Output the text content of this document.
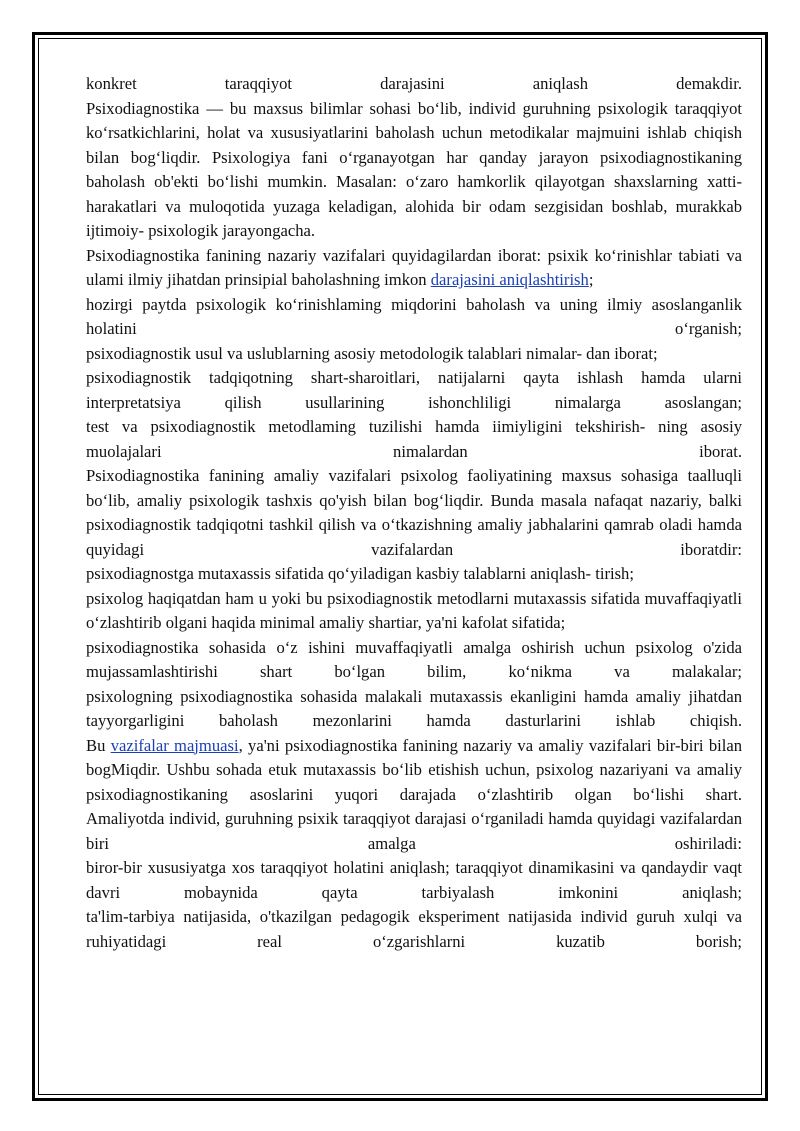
konkret taraqqiyot darajasini aniqlash demakdir.

Psixodiagnostika — bu maxsus bilimlar sohasi bo‘lib, individ guruhning psixologik taraqqiyot ko‘rsatkichlarini, holat va xususiyatlarini baholash uchun metodikalar majmuini ishlab chiqish bilan bog‘liqdir. Psixologiya fani o‘rganayotgan har qanday jarayon psixodiagnostikaning baholash ob'ekti bo‘lishi mumkin. Masalan: o‘zaro hamkorlik qilayotgan shaxslarning xatti-harakatlari va muloqotida yuzaga keladigan, alohida bir odam sezgisidan boshlab, murakkab ijtimoiy- psixologik jarayongacha.

Psixodiagnostika fanining nazariy vazifalari quyidagilardan iborat: psixik ko‘rinishlar tabiati va ulami ilmiy jihatdan prinsipial baholashning imkon darajasini aniqlashtirish;

hozirgi paytda psixologik ko‘rinishlaming miqdorini baholash va uning ilmiy asoslanganlik holatini o‘rganish;

psixodiagnostik usul va uslublarning asosiy metodologik talablari nimalar- dan iborat;

psixodiagnostik tadqiqotning shart-sharoitlari, natijalarni qayta ishlash hamda ularni interpretatsiya qilish usullarining ishonchliligi nimalarga asoslangan;

test va psixodiagnostik metodlaming tuzilishi hamda iimiyligini tekshirish- ning asosiy muolajalari nimalardan iborat.

Psixodiagnostika fanining amaliy vazifalari psixolog faoliyatining maxsus sohasiga taalluqli bo‘lib, amaliy psixologik tashxis qo'yish bilan bog‘liqdir. Bunda masala nafaqat nazariy, balki psixodiagnostik tadqiqotni tashkil qilish va o‘tkazishning amaliy jabhalarini qamrab oladi hamda quyidagi vazifalardan iboratdir:

psixodiagnostga mutaxassis sifatida qo‘yiladigan kasbiy talablarni aniqlash- tirish;

psixolog haqiqatdan ham u yoki bu psixodiagnostik metodlarni mutaxassis sifatida muvaffaqiyatli o‘zlashtirib olgani haqida minimal amaliy shartiar, ya'ni kafolat sifatida;

psixodiagnostika sohasida o‘z ishini muvaffaqiyatli amalga oshirish uchun psixolog o'zida mujassamlashtirishi shart bo‘lgan bilim, ko‘nikma va malakalar;

psixologning psixodiagnostika sohasida malakali mutaxassis ekanligini hamda amaliy jihatdan tayyorgarligini baholash mezonlarini hamda dasturlarini ishlab chiqish.

Bu vazifalar majmuasi, ya'ni psixodiagnostika fanining nazariy va amaliy vazifalari bir-biri bilan bogMiqdir. Ushbu sohada etuk mutaxassis bo‘lib etishish uchun, psixolog nazariyani va amaliy psixodiagnostikaning asoslarini yuqori darajada o‘zlashtirib olgan bo‘lishi shart.

Amaliyotda individ, guruhning psixik taraqqiyot darajasi o‘rganiladi hamda quyidagi vazifalardan biri amalga oshiriladi:

biror-bir xususiyatga xos taraqqiyot holatini aniqlash; taraqqiyot dinamikasini va qandaydir vaqt davri mobaynida qayta tarbiyalash imkonini aniqlash;

ta'lim-tarbiya natijasida, o'tkazilgan pedagogik eksperiment natijasida individ guruh xulqi va ruhiyatidagi real o‘zgarishlarni kuzatib borish;
